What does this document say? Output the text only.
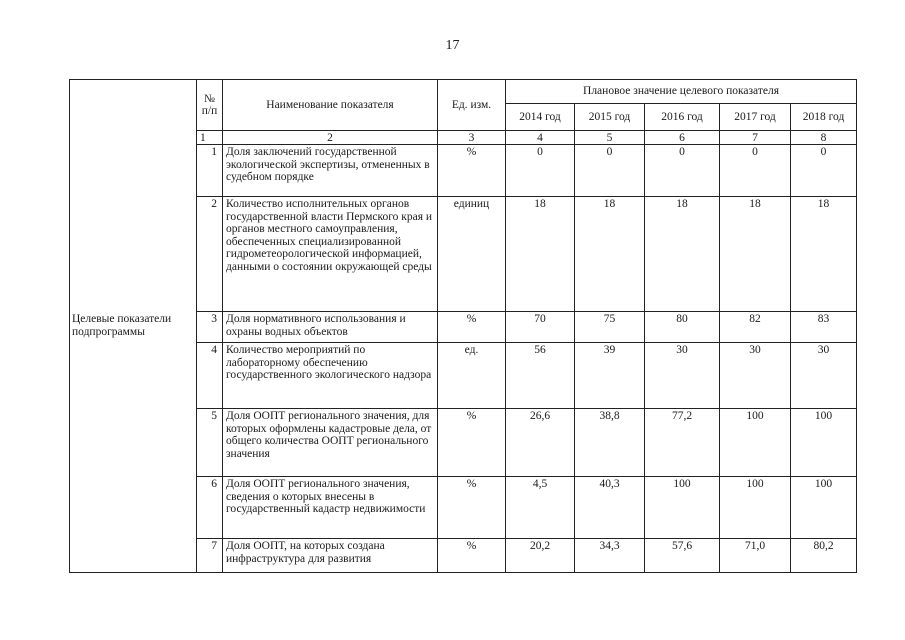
17
Целевые показатели подпрограммы	№ п/п	Наименование показателя	Ед. изм.	Плановое значение целевого показателя				
				2014 год	2015 год	2016 год	2017 год	2018 год
	1	2	3	4	5	6	7	8
	1	Доля заключений государственной экологической экспертизы, отмененных в судебном порядке	%	0	0	0	0	0
	2	Количество исполнительных органов государственной власти Пермского края и органов местного самоуправления, обеспеченных специализированной гидрометеорологической информацией, данными о состоянии окружающей среды	единиц	18	18	18	18	18
	3	Доля нормативного использования и охраны водных объектов	%	70	75	80	82	83
	4	Количество мероприятий по лабораторному обеспечению государственного экологического надзора	ед.	56	39	30	30	30
	5	Доля ООПТ регионального значения, для которых оформлены кадастровые дела, от общего количества ООПТ регионального значения	%	26,6	38,8	77,2	100	100
	6	Доля ООПТ регионального значения, сведения о которых внесены в государственный кадастр недвижимости	%	4,5	40,3	100	100	100
	7	Доля ООПТ, на которых создана инфраструктура для развития	%	20,2	34,3	57,6	71,0	80,2
